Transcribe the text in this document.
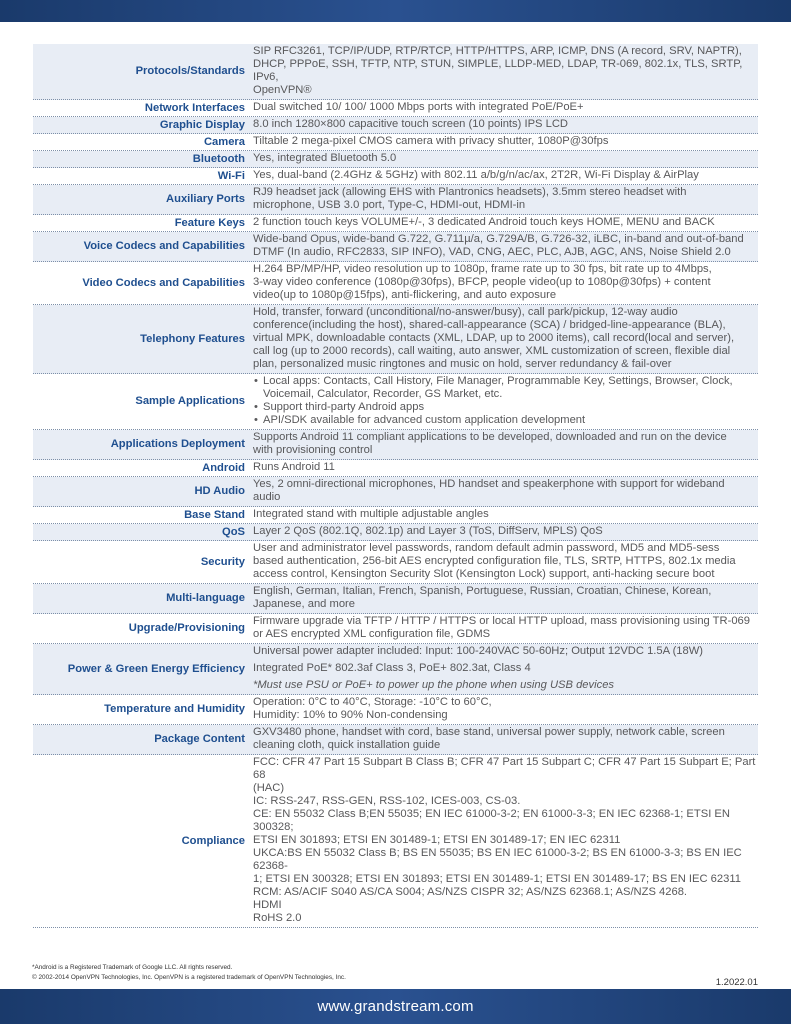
Protocols/Standards
SIP RFC3261, TCP/IP/UDP, RTP/RTCP, HTTP/HTTPS, ARP, ICMP, DNS (A record, SRV, NAPTR),
DHCP, PPPoE, SSH, TFTP, NTP, STUN, SIMPLE, LLDP-MED, LDAP, TR-069, 802.1x, TLS, SRTP, IPv6,
OpenVPN®
Network Interfaces Dual switched 10/ 100/ 1000 Mbps ports with integrated PoE/PoE+
Graphic Display 8.0 inch 1280×800 capacitive touch screen (10 points) IPS LCD
Camera Tiltable 2 mega-pixel CMOS camera with privacy shutter, 1080P@30fps
Bluetooth Yes, integrated Bluetooth 5.0
Wi-Fi Yes, dual-band (2.4GHz & 5GHz) with 802.11 a/b/g/n/ac/ax, 2T2R, Wi-Fi Display & AirPlay
Auxiliary Ports
RJ9 headset jack (allowing EHS with Plantronics headsets), 3.5mm stereo headset with
microphone, USB 3.0 port, Type-C, HDMI-out, HDMI-in
Feature Keys 2 function touch keys VOLUME+/-, 3 dedicated Android touch keys HOME, MENU and BACK
Voice Codecs and Capabilities
Wide-band Opus, wide-band G.722, G.711µ/a, G.729A/B, G.726-32, iLBC, in-band and out-of-band
DTMF (In audio, RFC2833, SIP INFO), VAD, CNG, AEC, PLC, AJB, AGC, ANS, Noise Shield 2.0
Video Codecs and Capabilities
H.264 BP/MP/HP, video resolution up to 1080p, frame rate up to 30 fps, bit rate up to 4Mbps,
3-way video conference (1080p@30fps), BFCP, people video(up to 1080p@30fps) + content
video(up to 1080p@15fps), anti-flickering, and auto exposure
Telephony Features
Hold, transfer, forward (unconditional/no-answer/busy), call park/pickup, 12-way audio
conference(including the host), shared-call-appearance (SCA) / bridged-line-appearance (BLA),
virtual MPK, downloadable contacts (XML, LDAP, up to 2000 items), call record(local and server),
call log (up to 2000 records), call waiting, auto answer, XML customization of screen, flexible dial
plan, personalized music ringtones and music on hold, server redundancy & fail-over
Sample Applications
• Local apps: Contacts, Call History, File Manager, Programmable Key, Settings, Browser, Clock, Voicemail, Calculator, Recorder, GS Market, etc.
• Support third-party Android apps
• API/SDK available for advanced custom application development
Applications Deployment
Supports Android 11 compliant applications to be developed, downloaded and run on the device
with provisioning control
Android Runs Android 11
HD Audio
Yes, 2 omni-directional microphones, HD handset and speakerphone with support for wideband
audio
Base Stand Integrated stand with multiple adjustable angles
QoS Layer 2 QoS (802.1Q, 802.1p) and Layer 3 (ToS, DiffServ, MPLS) QoS
Security
User and administrator level passwords, random default admin password, MD5 and MD5-sess
based authentication, 256-bit AES encrypted configuration file, TLS, SRTP, HTTPS, 802.1x media
access control, Kensington Security Slot (Kensington Lock) support, anti-hacking secure boot
Multi-language
English, German, Italian, French, Spanish, Portuguese, Russian, Croatian, Chinese, Korean,
Japanese, and more
Upgrade/Provisioning
Firmware upgrade via TFTP / HTTP / HTTPS or local HTTP upload, mass provisioning using TR-069
or AES encrypted XML configuration file, GDMS
Power & Green Energy Efficiency
Universal power adapter included: Input: 100-240VAC 50-60Hz; Output 12VDC 1.5A (18W)
Integrated PoE* 802.3af Class 3, PoE+ 802.3at, Class 4
*Must use PSU or PoE+ to power up the phone when using USB devices
Temperature and Humidity
Operation: 0°C to 40°C, Storage: -10°C to 60°C,
Humidity: 10% to 90% Non-condensing
Package Content
GXV3480 phone, handset with cord, base stand, universal power supply, network cable, screen
cleaning cloth, quick installation guide
Compliance
FCC: CFR 47 Part 15 Subpart B Class B; CFR 47 Part 15 Subpart C; CFR 47 Part 15 Subpart E; Part 68
(HAC)
IC: RSS-247, RSS-GEN, RSS-102, ICES-003, CS-03.
CE: EN 55032 Class B;EN 55035; EN IEC 61000-3-2; EN 61000-3-3; EN IEC 62368-1; ETSI EN 300328;
ETSI EN 301893; ETSI EN 301489-1; ETSI EN 301489-17; EN IEC 62311
UKCA:BS EN 55032 Class B; BS EN 55035; BS EN IEC 61000-3-2; BS EN 61000-3-3; BS EN IEC 62368-
1; ETSI EN 300328; ETSI EN 301893; ETSI EN 301489-1; ETSI EN 301489-17; BS EN IEC 62311
RCM: AS/ACIF S040 AS/CA S004; AS/NZS CISPR 32; AS/NZS 62368.1; AS/NZS 4268.
HDMI
RoHS 2.0
*Android is a Registered Trademark of Google LLC. All rights reserved.
© 2002-2014 OpenVPN Technologies, Inc. OpenVPN is a registered trademark of OpenVPN Technologies, Inc.	1.2022.01
www.grandstream.com
